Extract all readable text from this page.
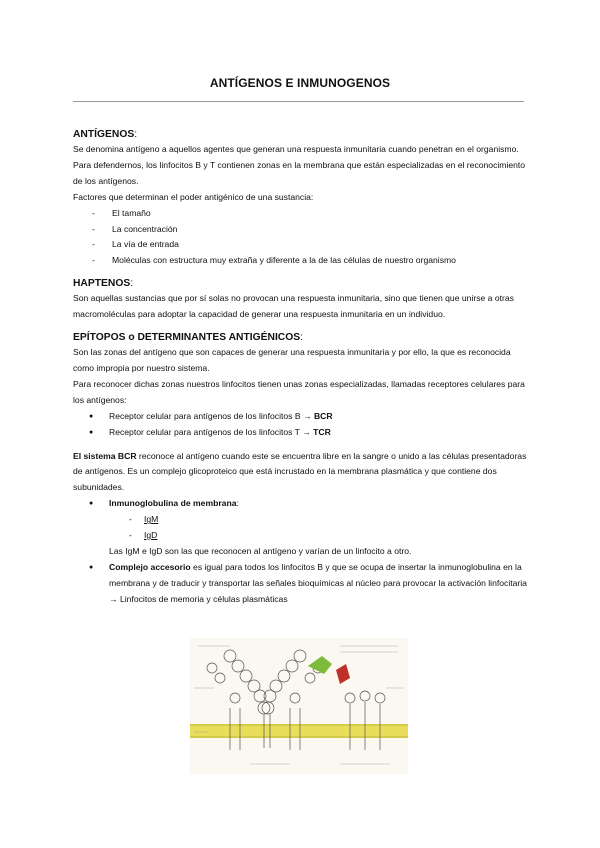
ANTÍGENOS E INMUNOGENOS
ANTÍGENOS:

Se denomina antígeno a aquellos agentes que generan una respuesta inmunitaria cuando penetran en el organismo. Para defendernos, los linfocitos B y T contienen zonas en la membrana que están especializadas en el reconocimiento de los antígenos.

Factores que determinan el poder antigénico de una sustancia:

- El tamaño
- La concentración
- La vía de entrada
- Moléculas con estructura muy extraña y diferente a la de las células de nuestro organismo
HAPTENOS:

Son aquellas sustancias que por sí solas no provocan una respuesta inmunitaria, sino que tienen que unirse a otras macromoléculas para adoptar la capacidad de generar una respuesta inmunitaria en un individuo.

EPÍTOPOS o DETERMINANTES ANTIGÉNICOS:

Son las zonas del antígeno que son capaces de generar una respuesta inmunitaria y por ello, la que es reconocida como impropia por nuestro sistema.

Para reconocer dichas zonas nuestros linfocitos tienen unas zonas especializadas, llamadas receptores celulares para los antígenos:

● Receptor celular para antígenos de los linfocitos B → BCR
● Receptor celular para antígenos de los linfocitos T → TCR

El sistema BCR reconoce al antígeno cuando este se encuentra libre en la sangre o unido a las células presentadoras de antígenos. Es un complejo glicoproteico que está incrustado en la membrana plasmática y que contiene dos subunidades.

● Inmunoglobulina de membrana:
- IgM
- IgD

Las IgM e IgD son las que reconocen al antígeno y varían de un linfocito a otro.

● Complejo accesorio es igual para todos los linfocitos B y que se ocupa de insertar la inmunoglobulina en la membrana y de traducir y transportar las señales bioquímicas al núcleo para provocar la activación linfocitaria → Linfocitos de memoria y células plasmáticas
